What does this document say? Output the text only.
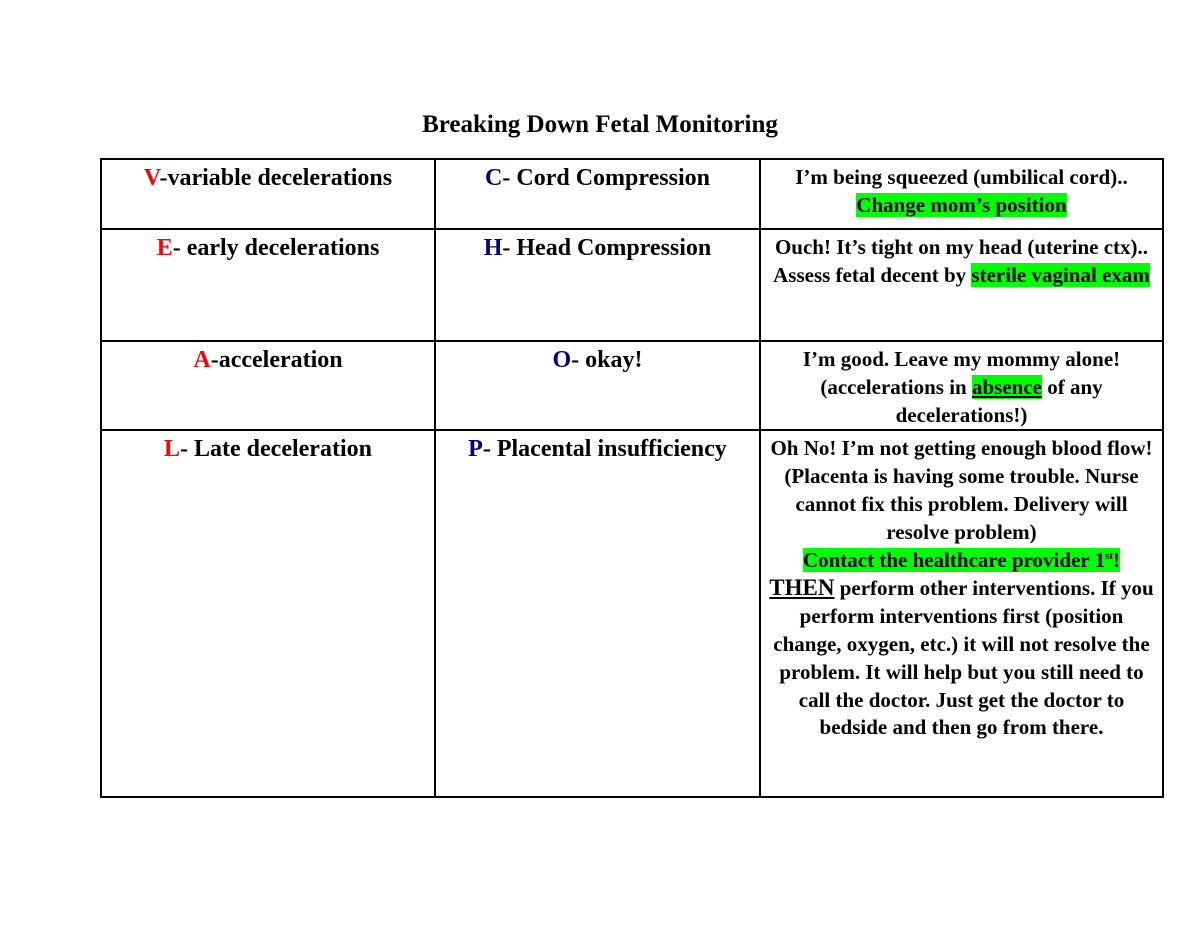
Breaking Down Fetal Monitoring
V-variable decelerations	C- Cord Compression	I’m being squeezed (umbilical cord)..
Change mom’s position

E- early decelerations	H- Head Compression	Ouch! It’s tight on my head (uterine ctx)..
Assess fetal decent by sterile vaginal exam

A-acceleration	O- okay!	I’m good. Leave my mommy alone!
(accelerations in absence of any decelerations!)

L- Late deceleration	P- Placental insufficiency	Oh No! I’m not getting enough blood flow! (Placenta is having some trouble. Nurse cannot fix this problem. Delivery will resolve problem)
Contact the healthcare provider 1st!
THEN perform other interventions. If you perform interventions first (position change, oxygen, etc.) it will not resolve the problem. It will help but you still need to call the doctor. Just get the doctor to bedside and then go from there.
